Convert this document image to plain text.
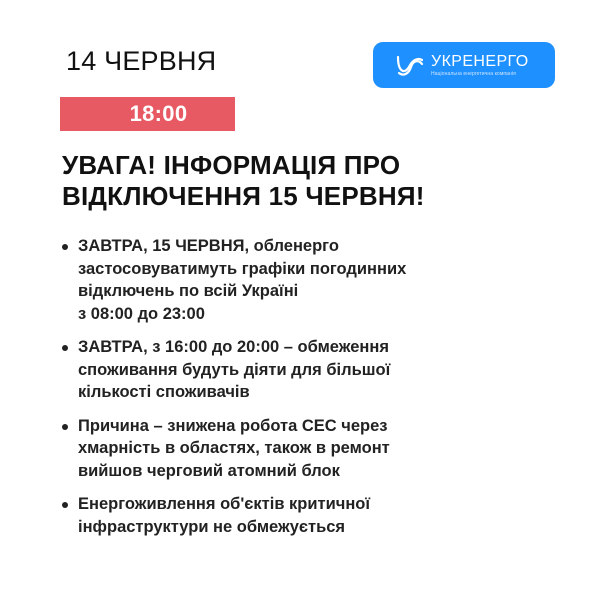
14 ЧЕРВНЯ	УКРЕНЕРГО
Національна енергетична компанія
18:00
УВАГА! ІНФОРМАЦІЯ ПРО
ВІДКЛЮЧЕННЯ 15 ЧЕРВНЯ!
ЗАВТРА, 15 ЧЕРВНЯ, обленерго
застосовуватимуть графіки погодинних
відключень по всій Україні
з 08:00 до 23:00
ЗАВТРА, з 16:00 до 20:00 – обмеження
споживання будуть діяти для більшої
кількості споживачів
Причина – знижена робота СЕС через
хмарність в областях, також в ремонт
вийшов черговий атомний блок
Енергоживлення об'єктів критичної
інфраструктури не обмежується
